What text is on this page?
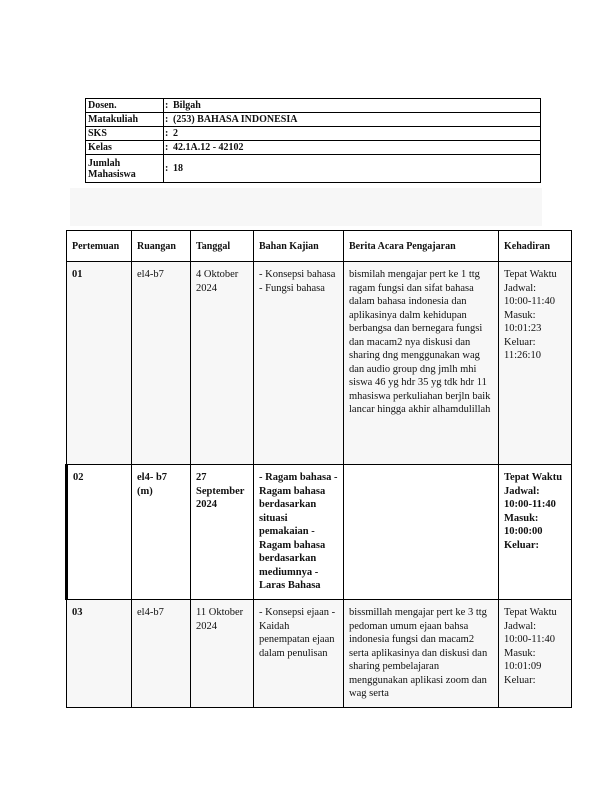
Dosen.	:	Bilgah
Matakuliah	:	(253) BAHASA INDONESIA
SKS	:	2
Kelas	:	42.1A.12 - 42102
Jumlah Mahasiswa	:	18
Pertemuan	Ruangan	Tanggal	Bahan Kajian	Berita Acara Pengajaran	Kehadiran
01	el4-b7	4 Oktober 2024	- Konsepsi bahasa - Fungsi bahasa	bismilah mengajar pert ke 1 ttg ragam fungsi dan sifat bahasa dalam bahasa indonesia dan aplikasinya dalm kehidupan berbangsa dan bernegara fungsi dan macam2 nya diskusi dan sharing dng menggunakan wag dan audio group dng jmlh mhi siswa 46 yg hdr 35 yg tdk hdr 11 mhasiswa perkuliahan berjln baik lancar hingga akhir alhamdulillah	Tepat Waktu Jadwal: 10:00-11:40 Masuk: 10:01:23 Keluar: 11:26:10
02	el4- b7 (m)	27 September 2024	- Ragam bahasa - Ragam bahasa berdasarkan situasi pemakaian - Ragam bahasa berdasarkan mediumnya - Laras Bahasa		Tepat Waktu Jadwal: 10:00-11:40 Masuk: 10:00:00 Keluar:
03	el4-b7	11 Oktober 2024	- Konsepsi ejaan - Kaidah penempatan ejaan dalam penulisan	bissmillah mengajar pert ke 3 ttg pedoman umum ejaan bahsa indonesia fungsi dan macam2 serta aplikasinya dan diskusi dan sharing pembelajaran menggunakan aplikasi zoom dan wag serta	Tepat Waktu Jadwal: 10:00-11:40 Masuk: 10:01:09 Keluar:
